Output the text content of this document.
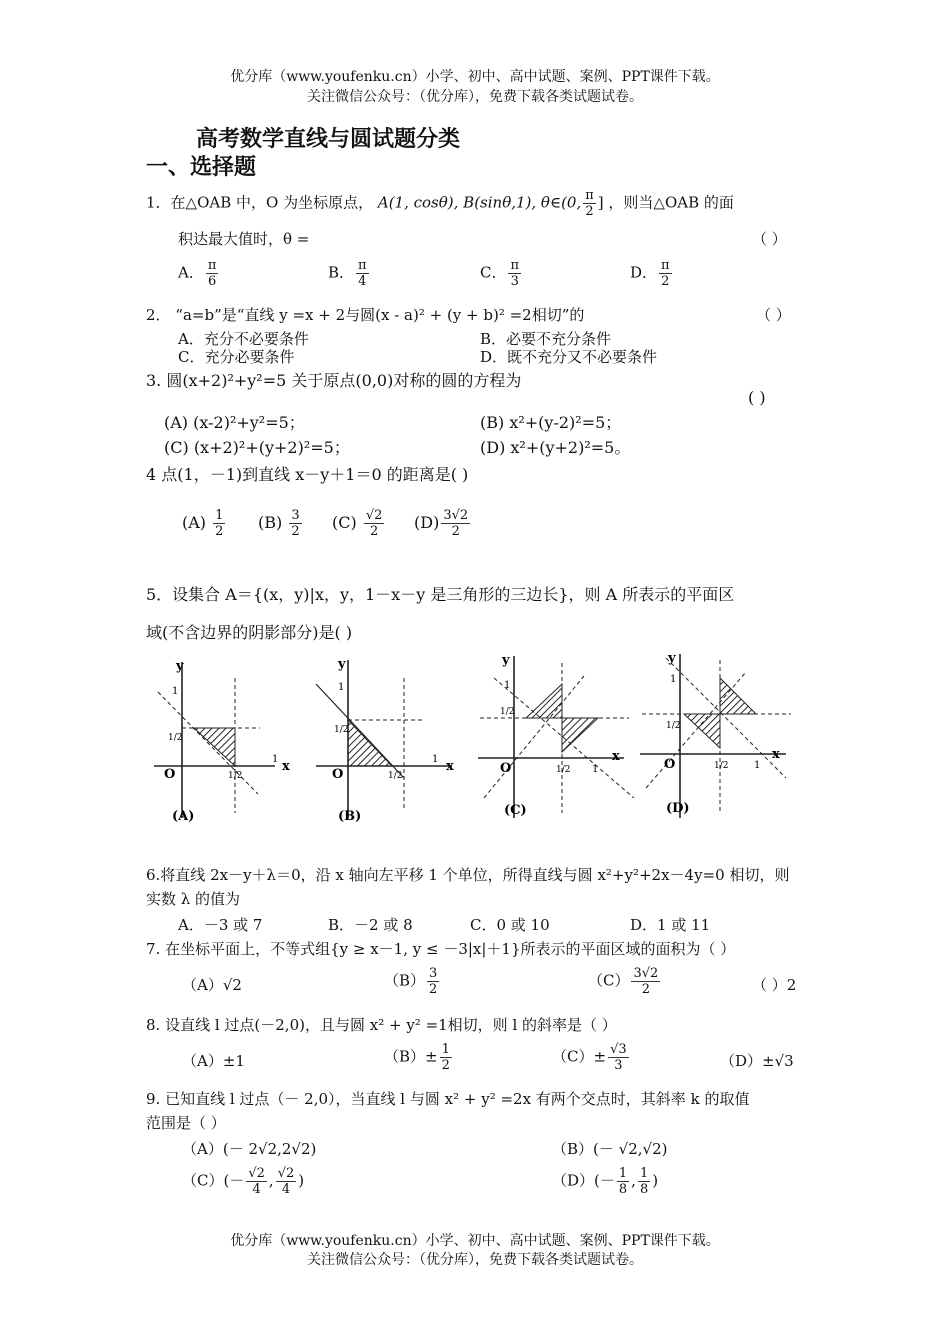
优分库（www.youfenku.cn）小学、初中、高中试题、案例、PPT课件下载。
关注微信公众号：（优分库），免费下载各类试题试卷。
高考数学直线与圆试题分类
一、选择题
1．在△OAB 中，O 为坐标原点， A(1, cosθ), B(sinθ,1), θ∈(0, $\frac{\pi}{2}$ ] ，则当△OAB 的面
积达最大值时，θ =	（ ）
A． $\frac{\pi}{6}$	B． $\frac{\pi}{4}$	C． $\frac{\pi}{3}$	D． $\frac{\pi}{2}$
2． “a=b”是“直线 y =x + 2与圆(x - a)² + (y + b)² =2相切”的	（ ）
A．充分不必要条件	B．必要不充分条件
C．充分必要条件	D．既不充分又不必要条件
3. 圆(x+2)²+y²=5 关于原点(0,0)对称的圆的方程为
( )
(A) (x-2)²+y²=5；	(B) x²+(y-2)²=5；
(C) (x+2)²+(y+2)²=5；	(D) x²+(y+2)²=5。
4 点(1，－1)到直线 x－y＋1＝0 的距离是( )
$(A) \frac{1}{2} (B) \frac{3}{2} (C) \frac{√2}{2} (D) \frac{3√2}{2}$
5．设集合 A＝{(x，y)|x，y，1－x－y 是三角形的三边长}，则 A 所表示的平面区
域(不含边界的阴影部分)是( )
y
x
O
1
1
1/2
1/2
(A)
y
x
O
1
1
1/2
1/2
(B)
y
x
O	1
1
1/2
1/2
(C)
y
x
O	1
1
1/2
1/2
(D)
6.将直线 2x－y＋λ＝0，沿 x 轴向左平移 1 个单位，所得直线与圆 x²+y²+2x－4y=0 相切，则
实数 λ 的值为
A．－3 或 7	B．－2 或 8	C．0 或 10	D．1 或 11
7. 在坐标平面上，不等式组{y ≥ x－1, y ≤ －3|x|＋1}所表示的平面区域的面积为（ ）
（A）√2	$(B) \frac{3}{2}$	$(C) \frac{3√2}{2}$	（ ）2
8. 设直线 l 过点(－2,0)，且与圆 x² + y² =1相切，则 l 的斜率是（ ）
（A）±1	$(B)\pm \frac{1}{2}$	$(C)\pm \frac{√3}{3}$	（D）±√3
9. 已知直线 l 过点（－ 2,0），当直线 l 与圆 x² + y² =2x 有两个交点时，其斜率 k 的取值
范围是（ ）
（A）(－ 2√2,2√2)	（B）(－ √2,√2)
$(C)(- \frac{√2}{4}$ , $\frac{√2}{4}$ )	$(D)(- \frac{1}{8}$ , $\frac{1}{8}$ )
优分库（www.youfenku.cn）小学、初中、高中试题、案例、PPT课件下载。
关注微信公众号：（优分库），免费下载各类试题试卷。
